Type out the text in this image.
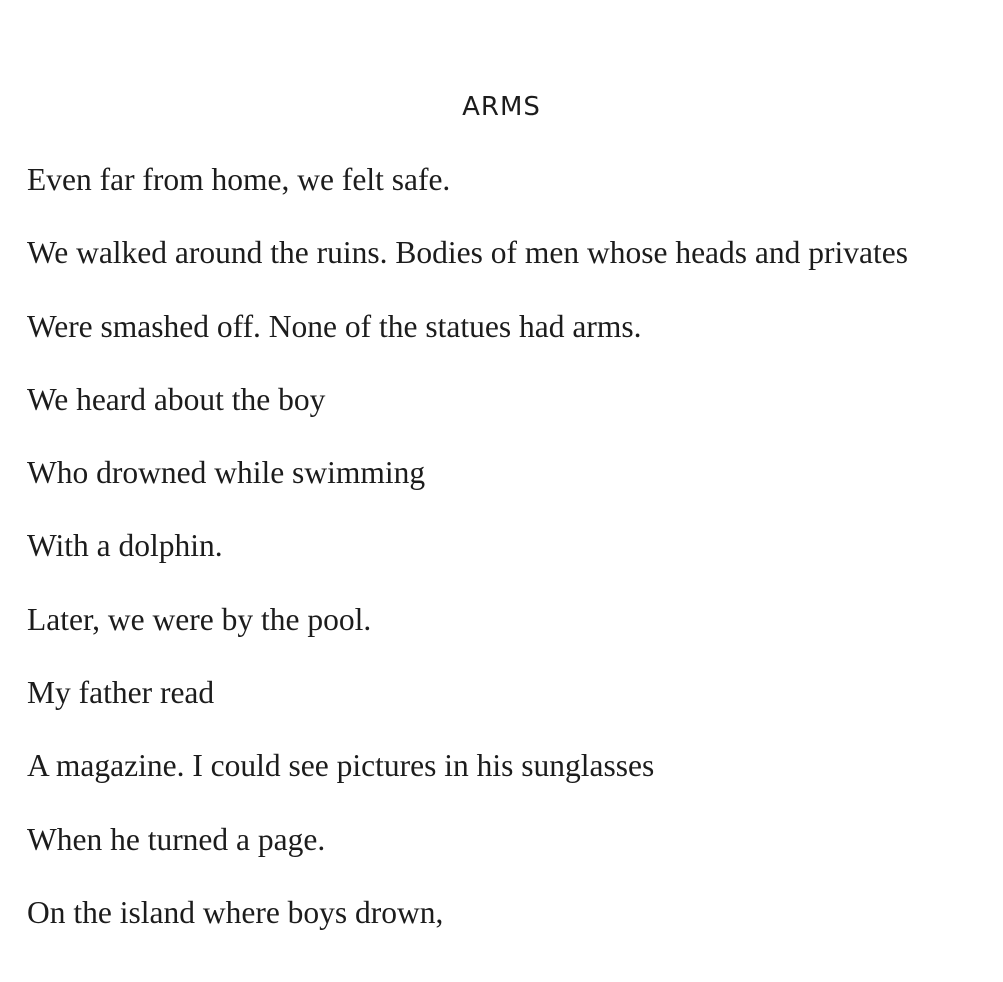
ARMS
Even far from home, we felt safe.
We walked around the ruins. Bodies of men whose heads and privates
Were smashed off. None of the statues had arms.
We heard about the boy
Who drowned while swimming
With a dolphin.
Later, we were by the pool.
My father read
A magazine. I could see pictures in his sunglasses
When he turned a page.
On the island where boys drown,
